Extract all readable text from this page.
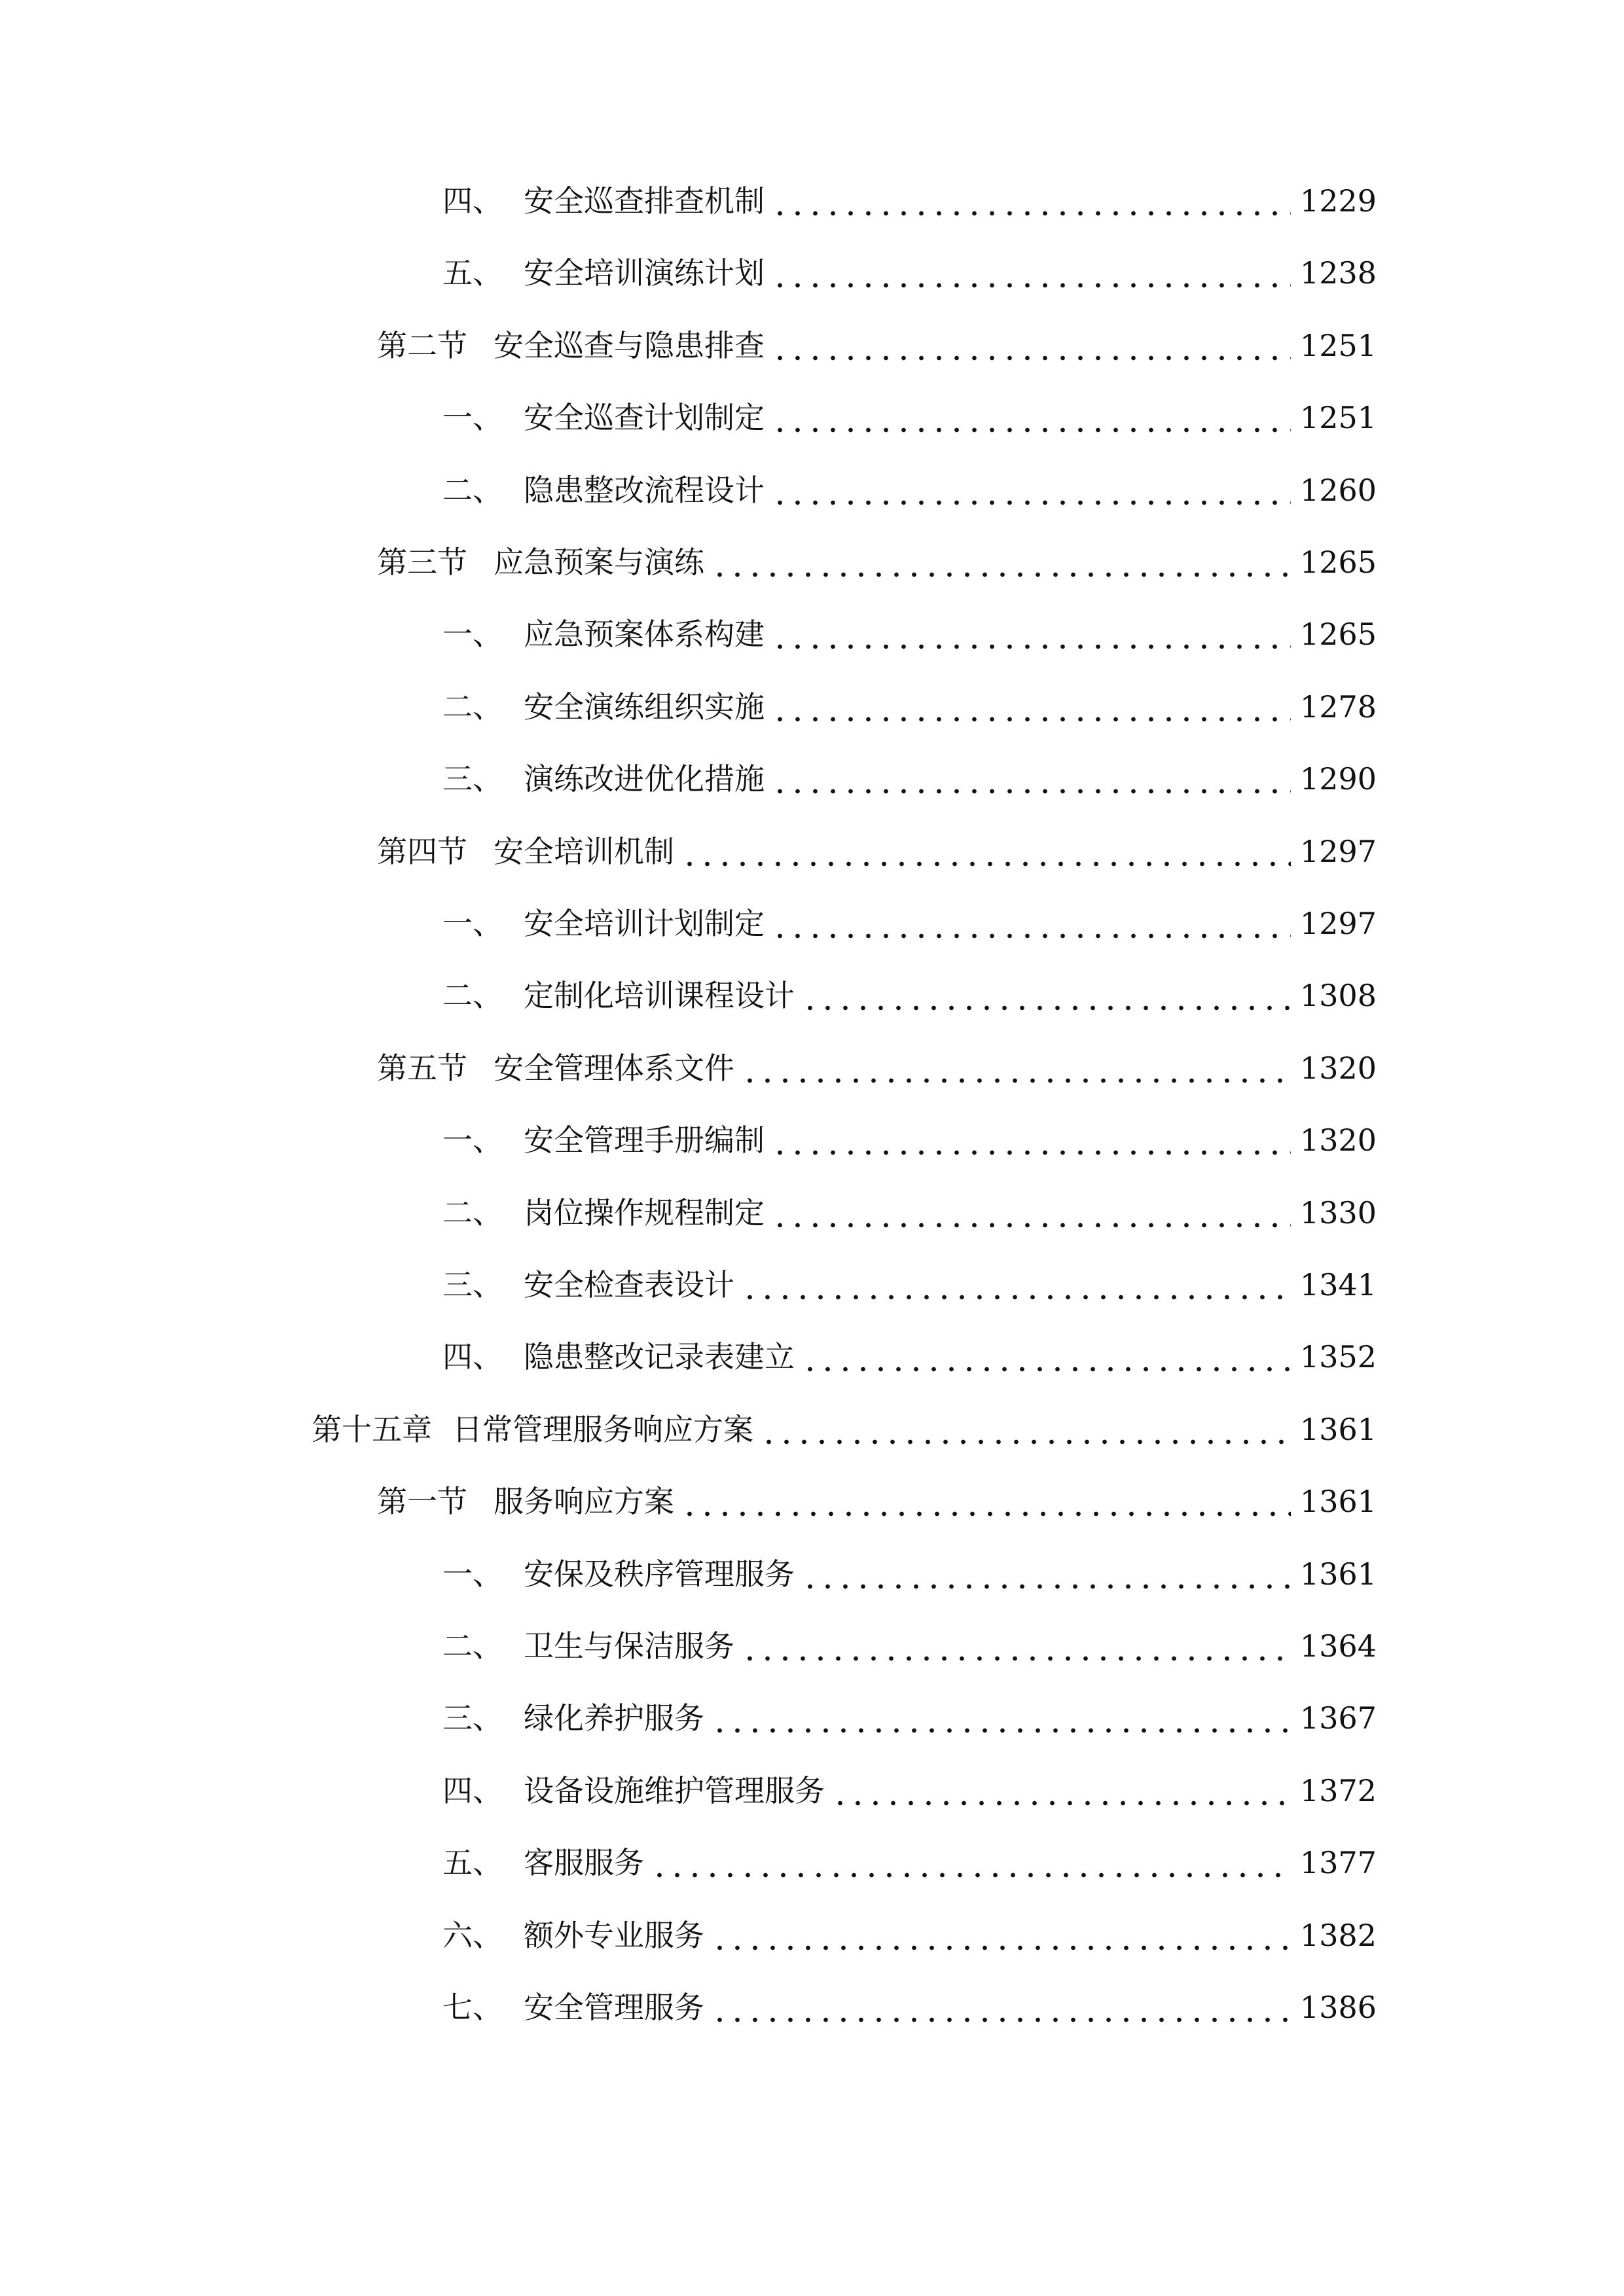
四、 安全巡查排查机制	1229
五、 安全培训演练计划	1238
第二节 安全巡查与隐患排查	1251
一、 安全巡查计划制定	1251
二、 隐患整改流程设计	1260
第三节 应急预案与演练	1265
一、 应急预案体系构建	1265
二、 安全演练组织实施	1278
三、 演练改进优化措施	1290
第四节 安全培训机制	1297
一、 安全培训计划制定	1297
二、 定制化培训课程设计	1308
第五节 安全管理体系文件	1320
一、 安全管理手册编制	1320
二、 岗位操作规程制定	1330
三、 安全检查表设计	1341
四、 隐患整改记录表建立	1352
第十五章 日常管理服务响应方案	1361
第一节 服务响应方案	1361
一、 安保及秩序管理服务	1361
二、 卫生与保洁服务	1364
三、 绿化养护服务	1367
四、 设备设施维护管理服务	1372
五、 客服服务	1377
六、 额外专业服务	1382
七、 安全管理服务	1386
